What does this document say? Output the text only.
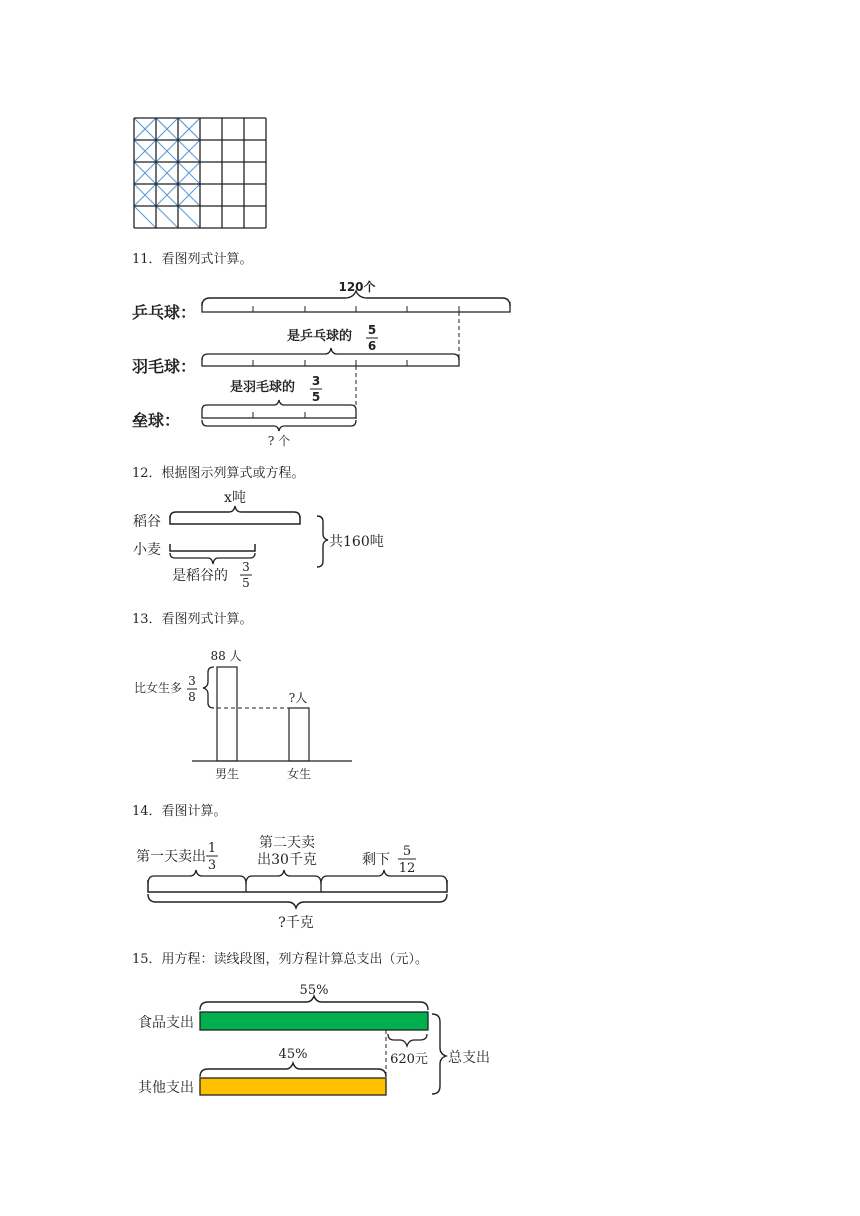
11．看图列式计算。
120个
乒乓球：
羽毛球：
垒球：
是乒乓球的 5
6
是羽毛球的 3
5
? 个
12．根据图示列算式或方程。
x吨
稻谷
小麦
是稻谷的
3
5
共160吨
13．看图列式计算。
88 人
?人
比女生多 3
8
男生	女生
14．看图计算。
第一天卖出
1
3
第二天卖
出30千克	剩下
5
12
?千克
15．用方程：读线段图，列方程计算总支出（元）。
55%
食品支出
620元
45%
其他支出
总支出
